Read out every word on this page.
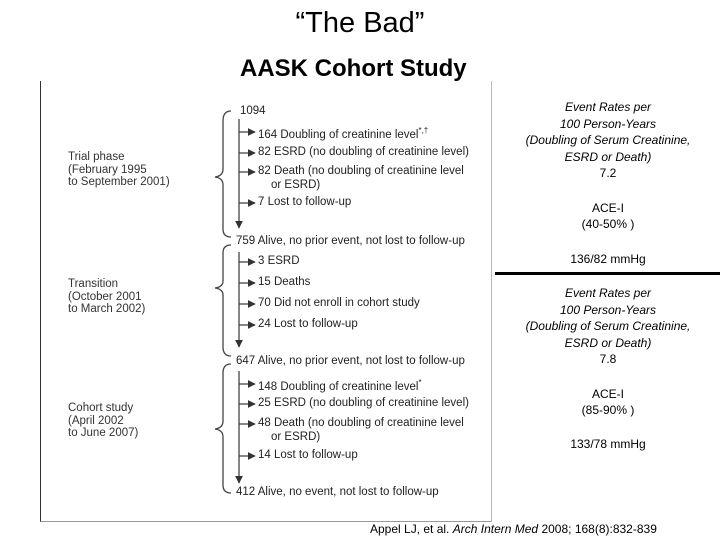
“The Bad”
AASK Cohort Study
Trial phase
(February 1995
to September 2001)
Transition
(October 2001
to March 2002)
Cohort study
(April 2002
to June 2007)
1094
164 Doubling of creatinine level*,†
82 ESRD (no doubling of creatinine level)
82 Death (no doubling of creatinine level
or ESRD)
7 Lost to follow-up
759 Alive, no prior event, not lost to follow-up
3 ESRD
15 Deaths
70 Did not enroll in cohort study
24 Lost to follow-up
647 Alive, no prior event, not lost to follow-up
148 Doubling of creatinine level*
25 ESRD (no doubling of creatinine level)
48 Death (no doubling of creatinine level
or ESRD)
14 Lost to follow-up
412 Alive, no event, not lost to follow-up
Event Rates per
100 Person-Years
(Doubling of Serum Creatinine,
ESRD or Death)
7.2
ACE-I
(40-50% )
136/82 mmHg
Event Rates per
100 Person-Years
(Doubling of Serum Creatinine,
ESRD or Death)
7.8
ACE-I
(85-90% )
133/78 mmHg
Appel LJ, et al. Arch Intern Med 2008; 168(8):832-839
